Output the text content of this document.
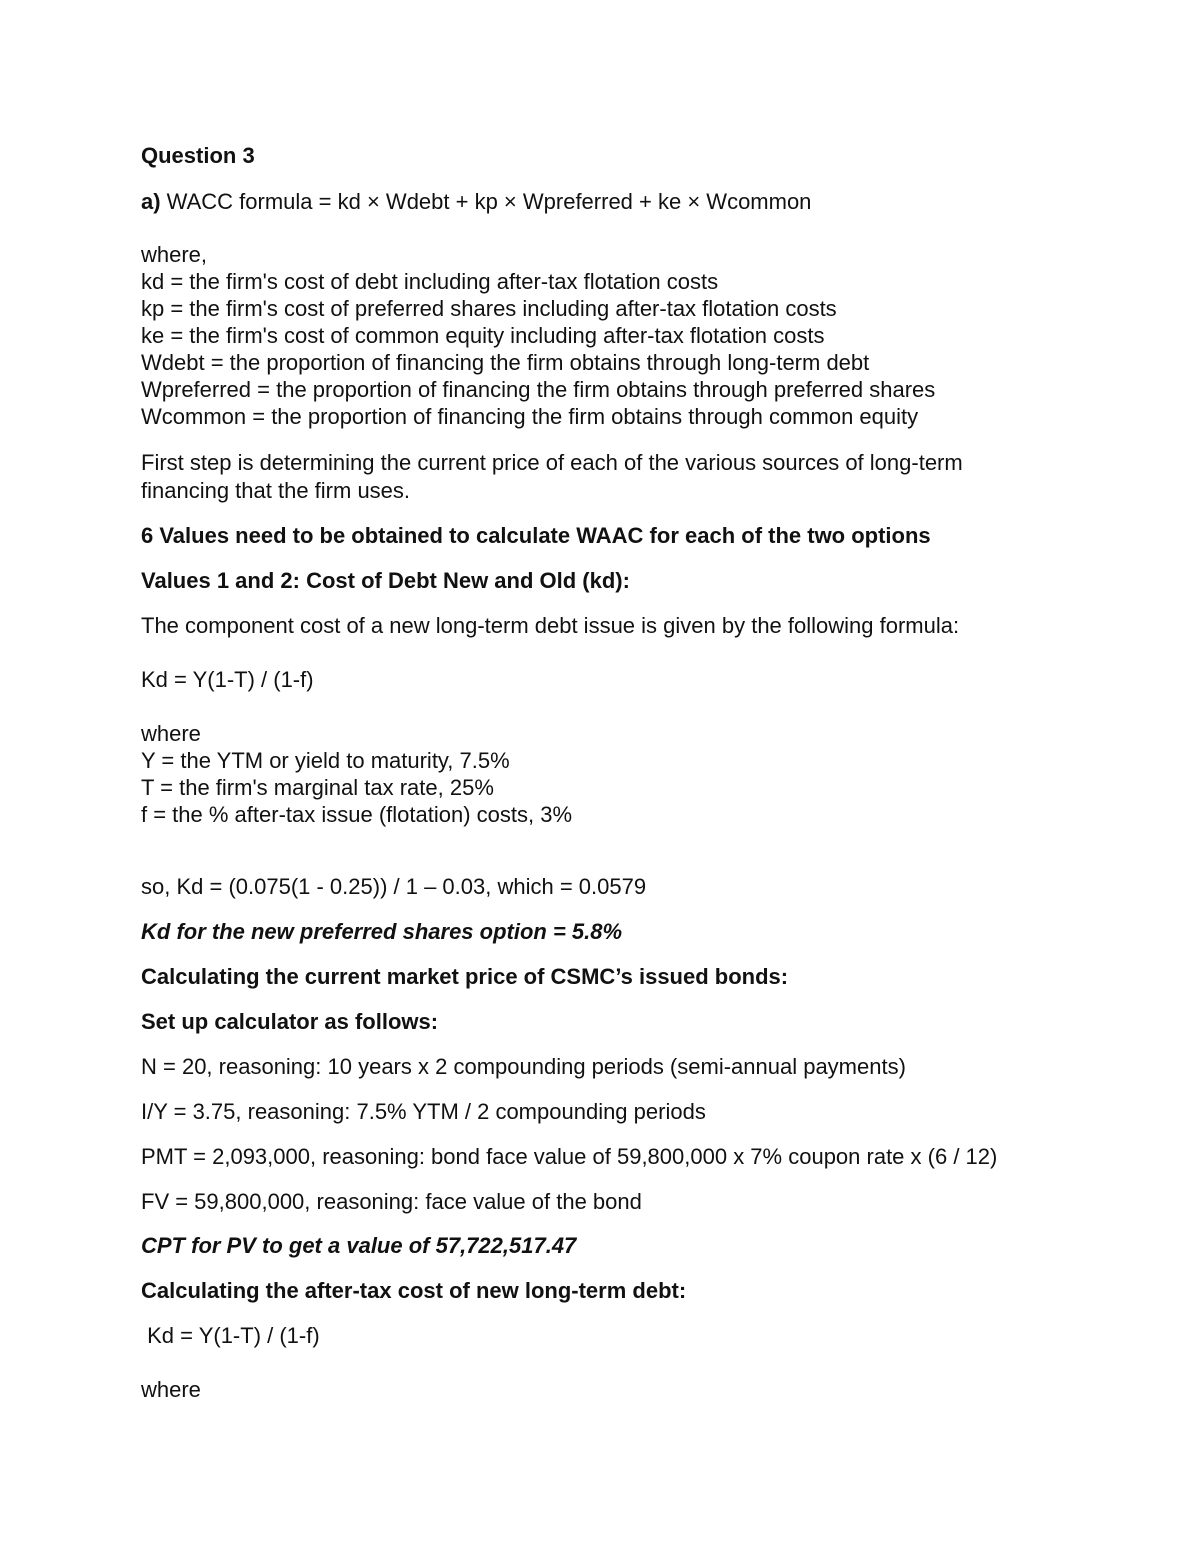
Question 3
a) WACC formula = kd × Wdebt + kp × Wpreferred + ke × Wcommon
where,
kd = the firm's cost of debt including after-tax flotation costs
kp = the firm's cost of preferred shares including after-tax flotation costs
ke = the firm's cost of common equity including after-tax flotation costs
Wdebt = the proportion of financing the firm obtains through long-term debt
Wpreferred = the proportion of financing the firm obtains through preferred shares
Wcommon = the proportion of financing the firm obtains through common equity
First step is determining the current price of each of the various sources of long-term
financing that the firm uses.
6 Values need to be obtained to calculate WAAC for each of the two options
Values 1 and 2: Cost of Debt New and Old (kd):
The component cost of a new long-term debt issue is given by the following formula:
Kd = Y(1-T) / (1-f)
where
Y = the YTM or yield to maturity, 7.5%
T = the firm's marginal tax rate, 25%
f = the % after-tax issue (flotation) costs, 3%
so, Kd = (0.075(1 - 0.25)) / 1 – 0.03, which = 0.0579
Kd for the new preferred shares option = 5.8%
Calculating the current market price of CSMC’s issued bonds:
Set up calculator as follows:
N = 20, reasoning: 10 years x 2 compounding periods (semi-annual payments)
I/Y = 3.75, reasoning: 7.5% YTM / 2 compounding periods
PMT = 2,093,000, reasoning: bond face value of 59,800,000 x 7% coupon rate x (6 / 12)
FV = 59,800,000, reasoning: face value of the bond
CPT for PV to get a value of 57,722,517.47
Calculating the after-tax cost of new long-term debt:
Kd = Y(1-T) / (1-f)
where
